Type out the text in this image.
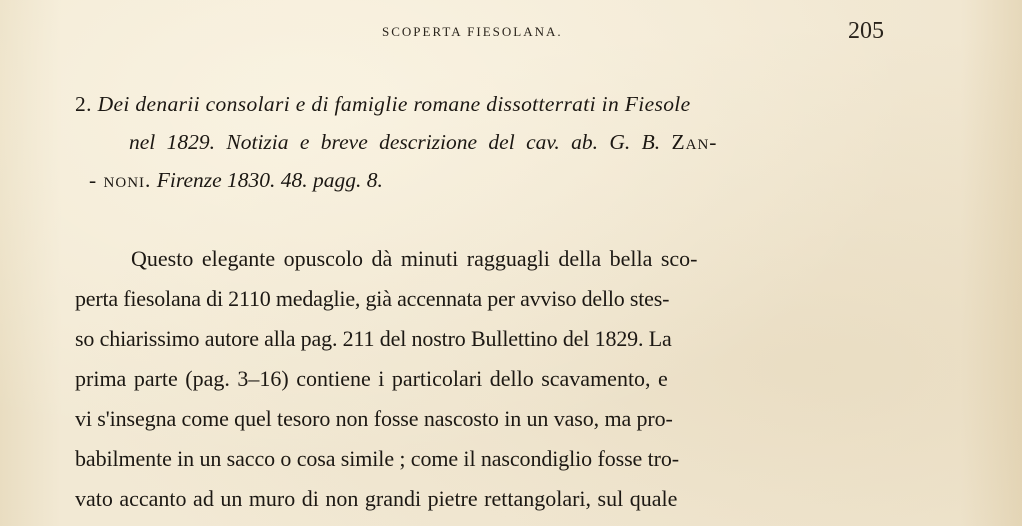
SCOPERTA FIESOLANA.	205
2. Dei denarii consolari e di famiglie romane dissotterrati in Fiesole
nel 1829. Notizia e breve descrizione del cav. ab. G. B. Zan-
- noni. Firenze 1830. 48. pagg. 8.
Questo elegante opuscolo dà minuti ragguagli della bella sco-
perta fiesolana di 2110 medaglie, già accennata per avviso dello stes-
so chiarissimo autore alla pag. 211 del nostro Bullettino del 1829. La
prima parte (pag. 3–16) contiene i particolari dello scavamento, e
vi s'insegna come quel tesoro non fosse nascosto in un vaso, ma pro-
babilmente in un sacco o cosa simile ; come il nascondiglio fosse tro-
vato accanto ad un muro di non grandi pietre rettangolari, sul quale
